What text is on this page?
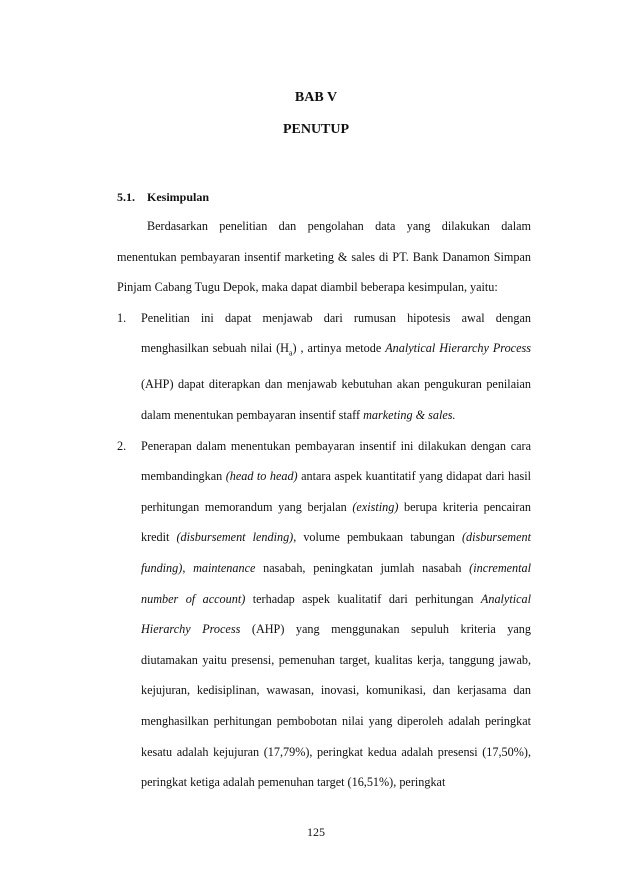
BAB V
PENUTUP
5.1. Kesimpulan

Berdasarkan penelitian dan pengolahan data yang dilakukan dalam menentukan pembayaran insentif marketing & sales di PT. Bank Danamon Simpan Pinjam Cabang Tugu Depok, maka dapat diambil beberapa kesimpulan, yaitu:

1. Penelitian ini dapat menjawab dari rumusan hipotesis awal dengan menghasilkan sebuah nilai $(H_a)$ , artinya metode Analytical Hierarchy Process (AHP) dapat diterapkan dan menjawab kebutuhan akan pengukuran penilaian dalam menentukan pembayaran insentif staff marketing & sales.
2. Penerapan dalam menentukan pembayaran insentif ini dilakukan dengan cara membandingkan (head to head) antara aspek kuantitatif yang didapat dari hasil perhitungan memorandum yang berjalan (existing) berupa kriteria pencairan kredit (disbursement lending), volume pembukaan tabungan (disbursement funding), maintenance nasabah, peningkatan jumlah nasabah (incremental number of account) terhadap aspek kualitatif dari perhitungan Analytical Hierarchy Process (AHP) yang menggunakan sepuluh kriteria yang diutamakan yaitu presensi, pemenuhan target, kualitas kerja, tanggung jawab, kejujuran, kedisiplinan, wawasan, inovasi, komunikasi, dan kerjasama dan menghasilkan perhitungan pembobotan nilai yang diperoleh adalah peringkat kesatu adalah kejujuran (17,79%), peringkat kedua adalah presensi (17,50%), peringkat ketiga adalah pemenuhan target (16,51%), peringkat
125
